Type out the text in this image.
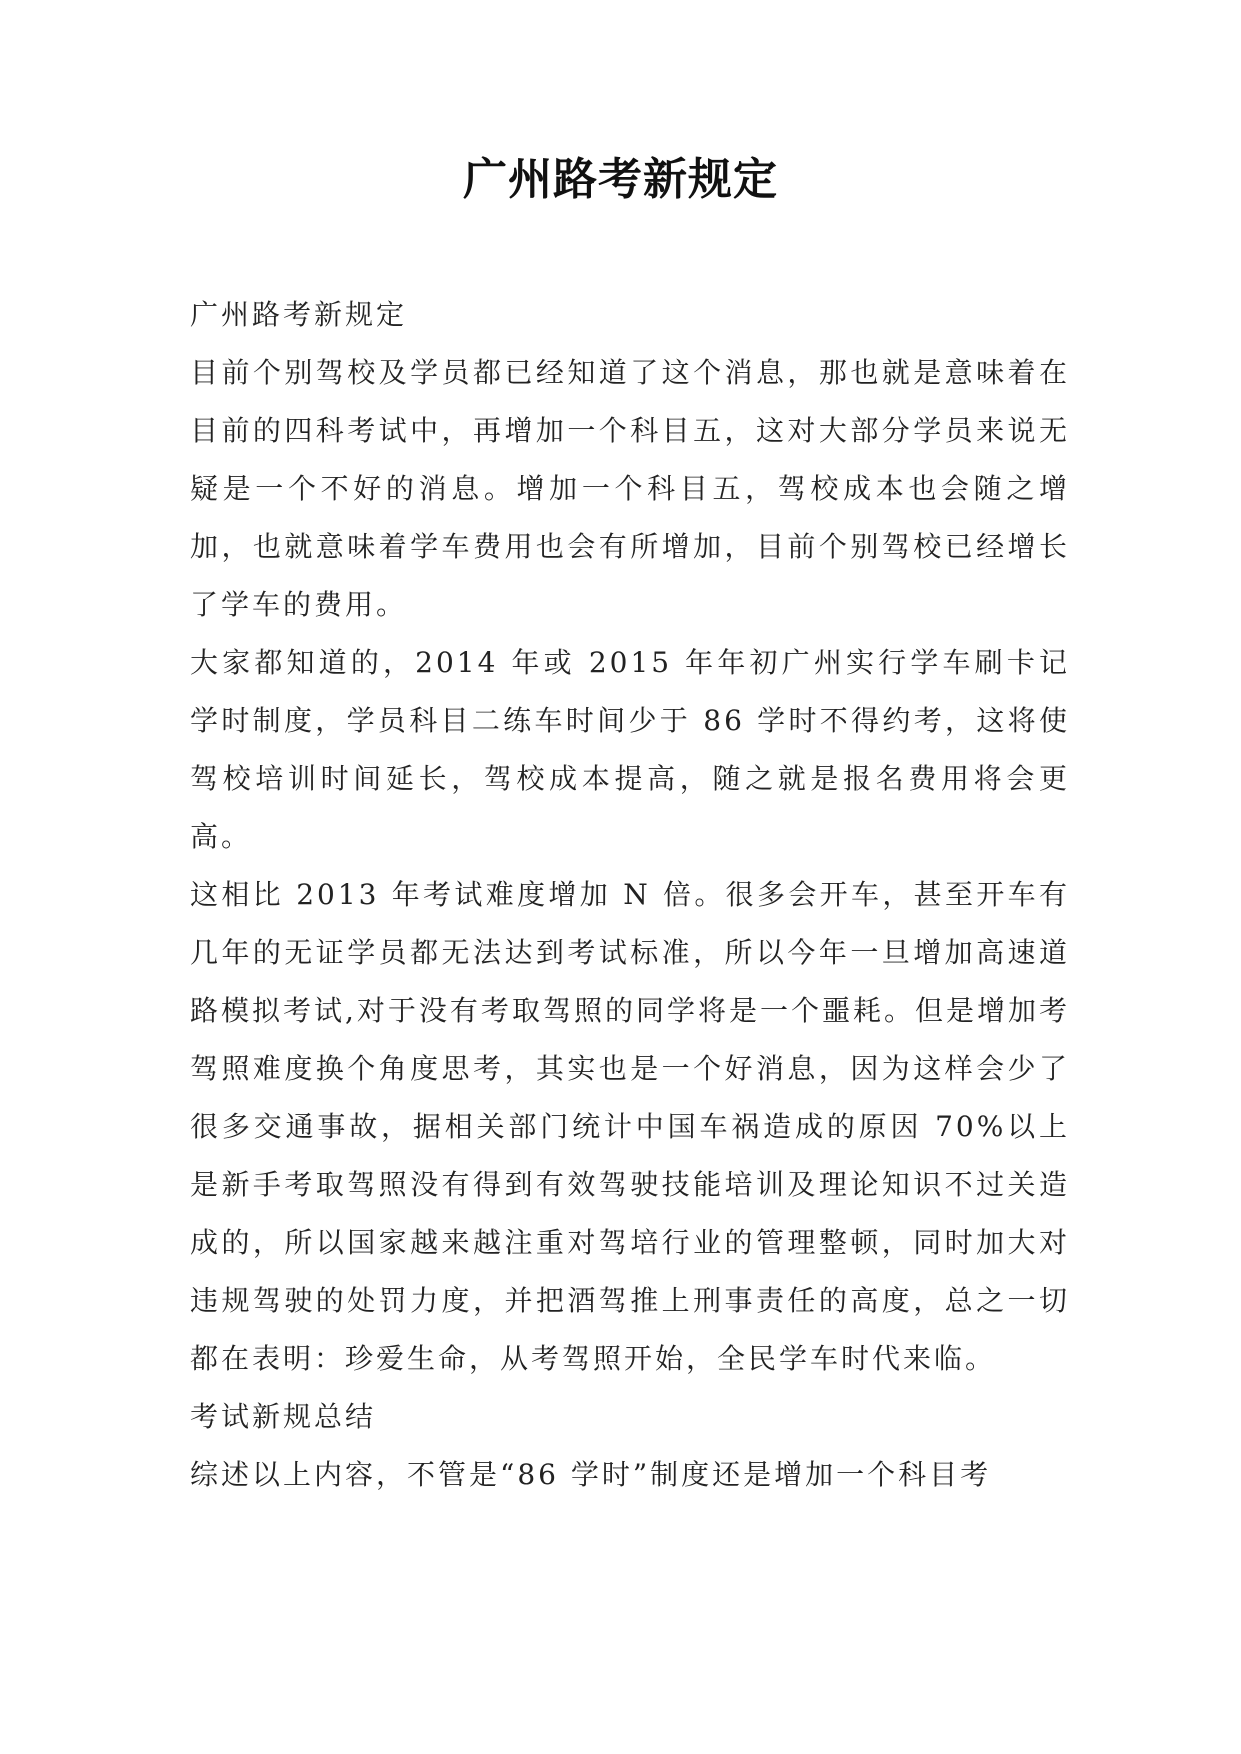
广州路考新规定

广州路考新规定

目前个别驾校及学员都已经知道了这个消息，那也就是意味着在目前的四科考试中，再增加一个科目五，这对大部分学员来说无疑是一个不好的消息。增加一个科目五，驾校成本也会随之增加，也就意味着学车费用也会有所增加，目前个别驾校已经增长了学车的费用。

大家都知道的，2014 年或 2015 年年初广州实行学车刷卡记学时制度，学员科目二练车时间少于 86 学时不得约考，这将使驾校培训时间延长，驾校成本提高，随之就是报名费用将会更高。

这相比 2013 年考试难度增加 N 倍。很多会开车，甚至开车有几年的无证学员都无法达到考试标准，所以今年一旦增加高速道路模拟考试,对于没有考取驾照的同学将是一个噩耗。但是增加考驾照难度换个角度思考，其实也是一个好消息，因为这样会少了很多交通事故，据相关部门统计中国车祸造成的原因 70%以上是新手考取驾照没有得到有效驾驶技能培训及理论知识不过关造成的，所以国家越来越注重对驾培行业的管理整顿，同时加大对违规驾驶的处罚力度，并把酒驾推上刑事责任的高度，总之一切都在表明：珍爱生命，从考驾照开始，全民学车时代来临。

考试新规总结

综述以上内容，不管是“86 学时”制度还是增加一个科目考
